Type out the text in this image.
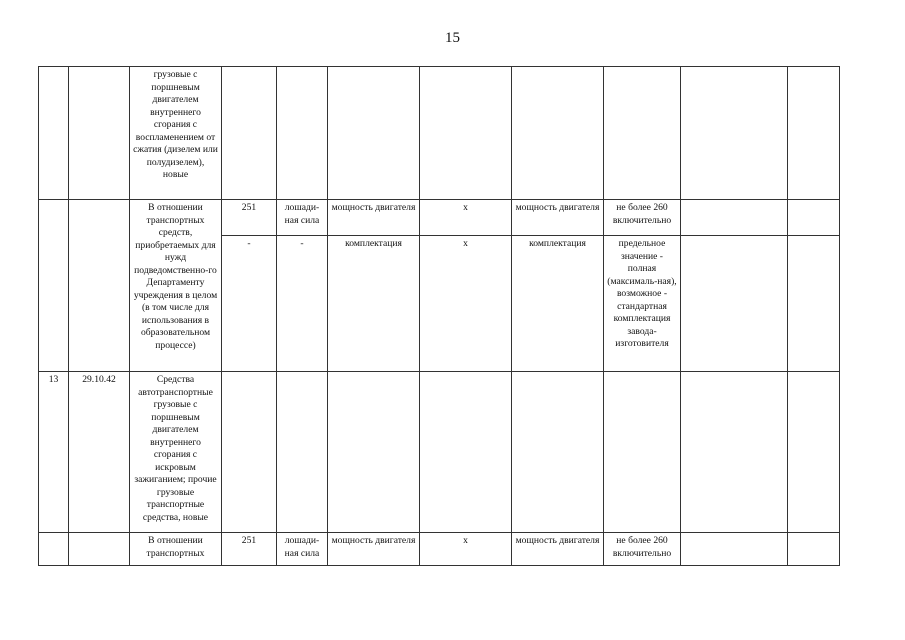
15
		грузовые с поршневым двигателем внутреннего сгорания с воспламенением от сжатия (дизелем или полудизелем), новые								
		В отношении транспортных средств, приобретаемых для нужд подведомственно-го Департаменту учреждения в целом (в том числе для использования в образовательном процессе)	251	лошади-ная сила	мощность двигателя	x	мощность двигателя	не более 260 включительно		
			-	-	комплектация	x	комплектация	предельное значение - полная (максималь-ная), возможное - стандартная комплектация завода-изготовителя		
13	29.10.42	Средства автотранспортные грузовые с поршневым двигателем внутреннего сгорания с искровым зажиганием; прочие грузовые транспортные средства, новые								
		В отношении транспортных	251	лошади-ная сила	мощность двигателя	x	мощность двигателя	не более 260 включительно		
